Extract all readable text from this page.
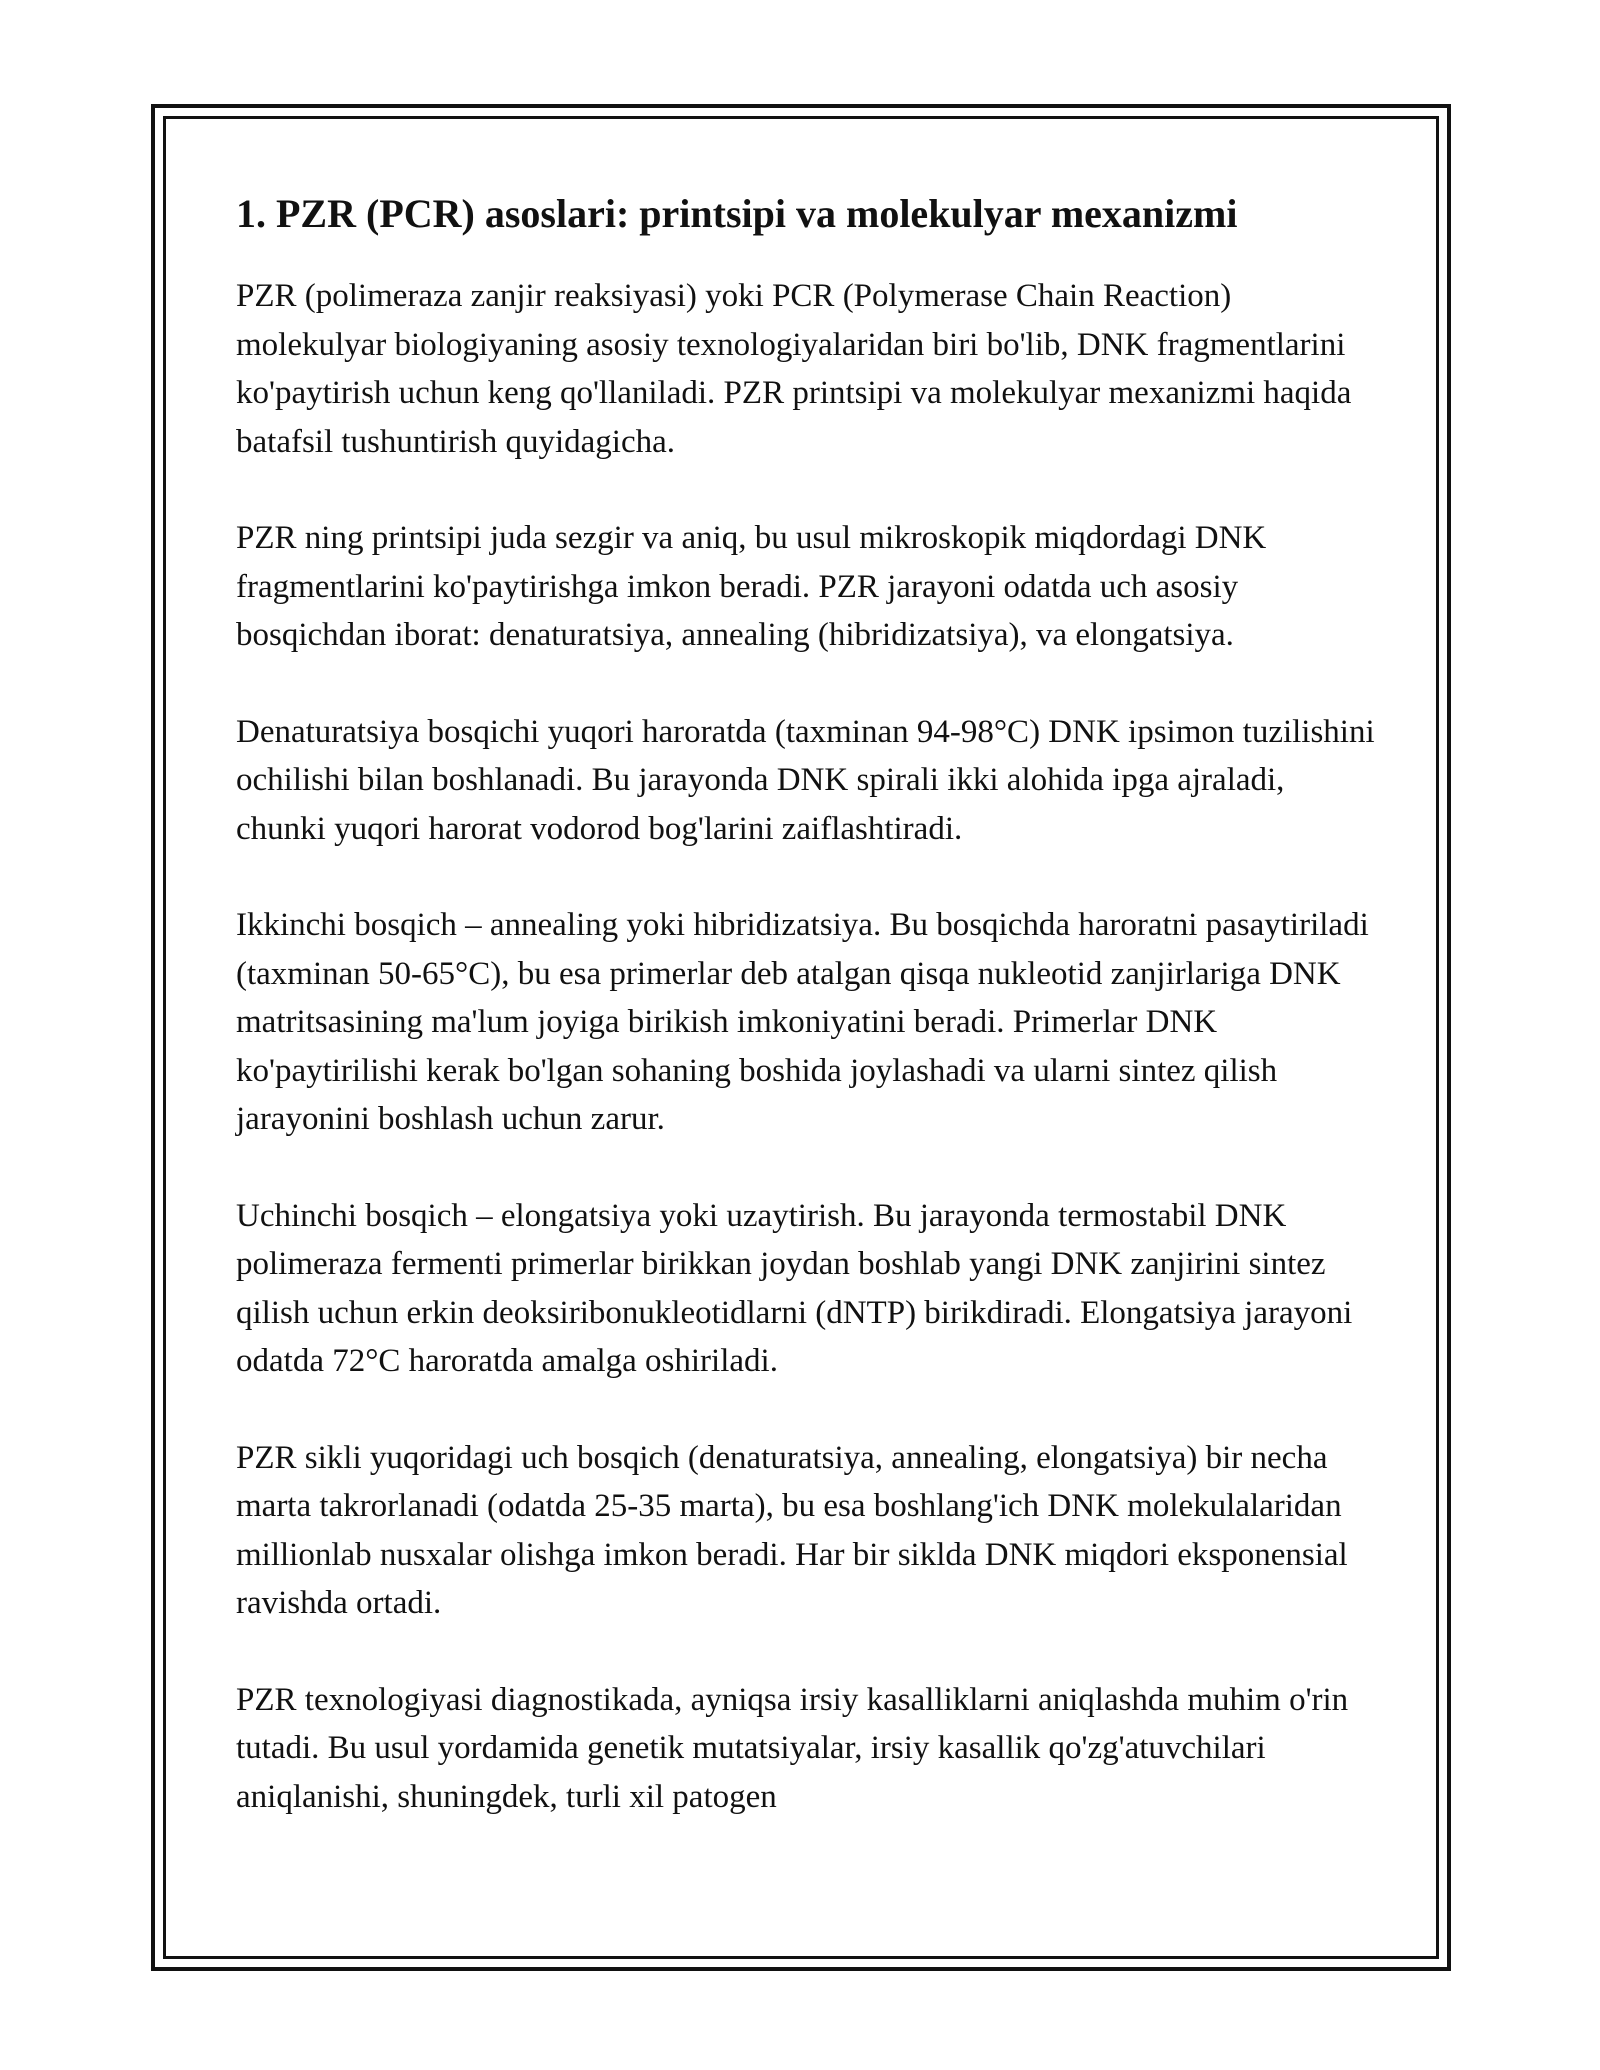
1. PZR (PCR) asoslari: printsipi va molekulyar mexanizmi

PZR (polimeraza zanjir reaksiyasi) yoki PCR (Polymerase Chain Reaction) molekulyar biologiyaning asosiy texnologiyalaridan biri bo'lib, DNK fragmentlarini ko'paytirish uchun keng qo'llaniladi. PZR printsipi va molekulyar mexanizmi haqida batafsil tushuntirish quyidagicha.

PZR ning printsipi juda sezgir va aniq, bu usul mikroskopik miqdordagi DNK fragmentlarini ko'paytirishga imkon beradi. PZR jarayoni odatda uch asosiy bosqichdan iborat: denaturatsiya, annealing (hibridizatsiya), va elongatsiya.

Denaturatsiya bosqichi yuqori haroratda (taxminan 94-98°C) DNK ipsimon tuzilishini ochilishi bilan boshlanadi. Bu jarayonda DNK spirali ikki alohida ipga ajraladi, chunki yuqori harorat vodorod bog'larini zaiflashtiradi.

Ikkinchi bosqich – annealing yoki hibridizatsiya. Bu bosqichda haroratni pasaytiriladi (taxminan 50-65°C), bu esa primerlar deb atalgan qisqa nukleotid zanjirlariga DNK matritsasining ma'lum joyiga birikish imkoniyatini beradi. Primerlar DNK ko'paytirilishi kerak bo'lgan sohaning boshida joylashadi va ularni sintez qilish jarayonini boshlash uchun zarur.

Uchinchi bosqich – elongatsiya yoki uzaytirish. Bu jarayonda termostabil DNK polimeraza fermenti primerlar birikkan joydan boshlab yangi DNK zanjirini sintez qilish uchun erkin deoksiribonukleotidlarni (dNTP) birikdiradi. Elongatsiya jarayoni odatda 72°C haroratda amalga oshiriladi.

PZR sikli yuqoridagi uch bosqich (denaturatsiya, annealing, elongatsiya) bir necha marta takrorlanadi (odatda 25-35 marta), bu esa boshlang'ich DNK molekulalaridan millionlab nusxalar olishga imkon beradi. Har bir siklda DNK miqdori eksponensial ravishda ortadi.

PZR texnologiyasi diagnostikada, ayniqsa irsiy kasalliklarni aniqlashda muhim o'rin tutadi. Bu usul yordamida genetik mutatsiyalar, irsiy kasallik qo'zg'atuvchilari aniqlanishi, shuningdek, turli xil patogen
